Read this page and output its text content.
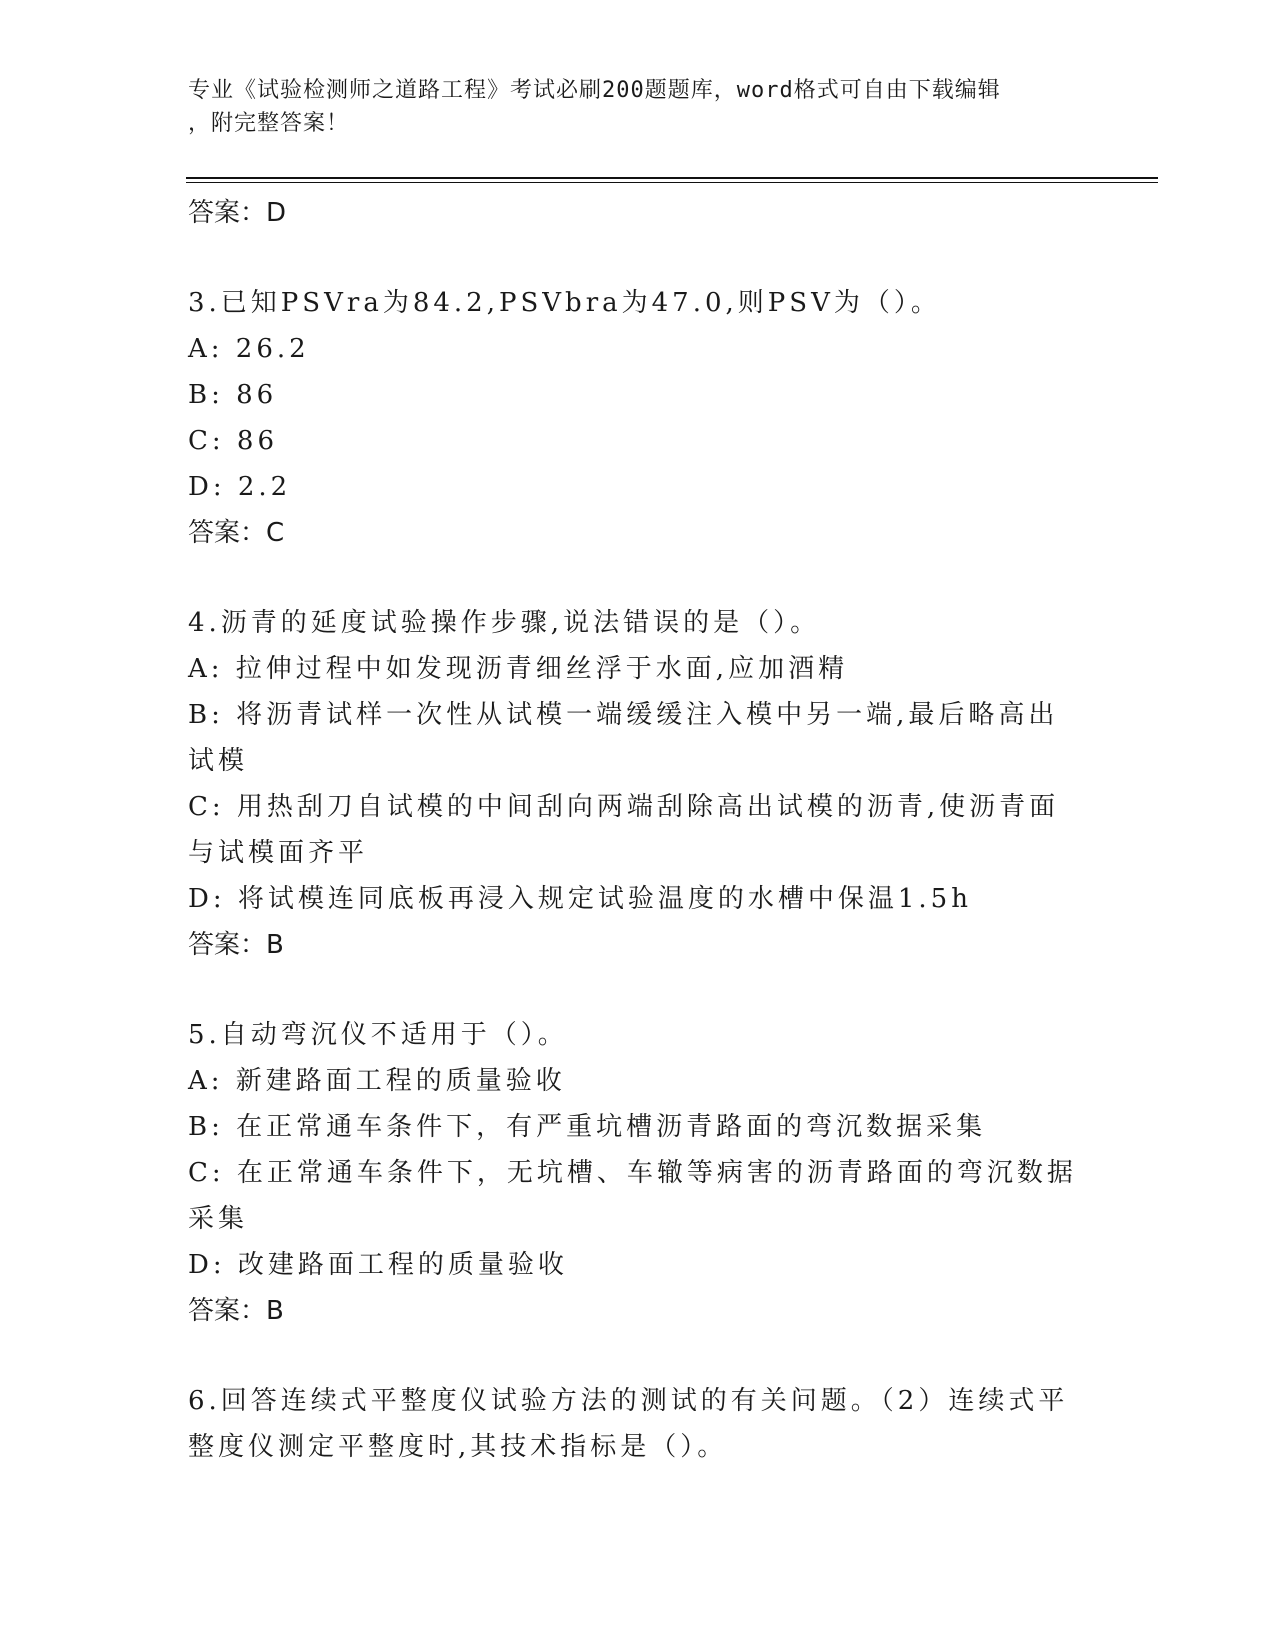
专业《试验检测师之道路工程》考试必刷200题题库，word格式可自由下载编辑
，附完整答案！
答案：D
3.已知PSVra为84.2,PSVbra为47.0,则PSV为（）。
A: 26.2
B: 86
C: 86
D: 2.2
答案：C
4.沥青的延度试验操作步骤,说法错误的是（）。
A: 拉伸过程中如发现沥青细丝浮于水面,应加酒精
B: 将沥青试样一次性从试模一端缓缓注入模中另一端,最后略高出试模
C: 用热刮刀自试模的中间刮向两端刮除高出试模的沥青,使沥青面与试模面齐平
D: 将试模连同底板再浸入规定试验温度的水槽中保温1.5h
答案：B
5.自动弯沉仪不适用于（）。
A: 新建路面工程的质量验收
B: 在正常通车条件下，有严重坑槽沥青路面的弯沉数据采集
C: 在正常通车条件下，无坑槽、车辙等病害的沥青路面的弯沉数据采集
D: 改建路面工程的质量验收
答案：B
6.回答连续式平整度仪试验方法的测试的有关问题。（2）连续式平整度仪测定平整度时,其技术指标是（）。
